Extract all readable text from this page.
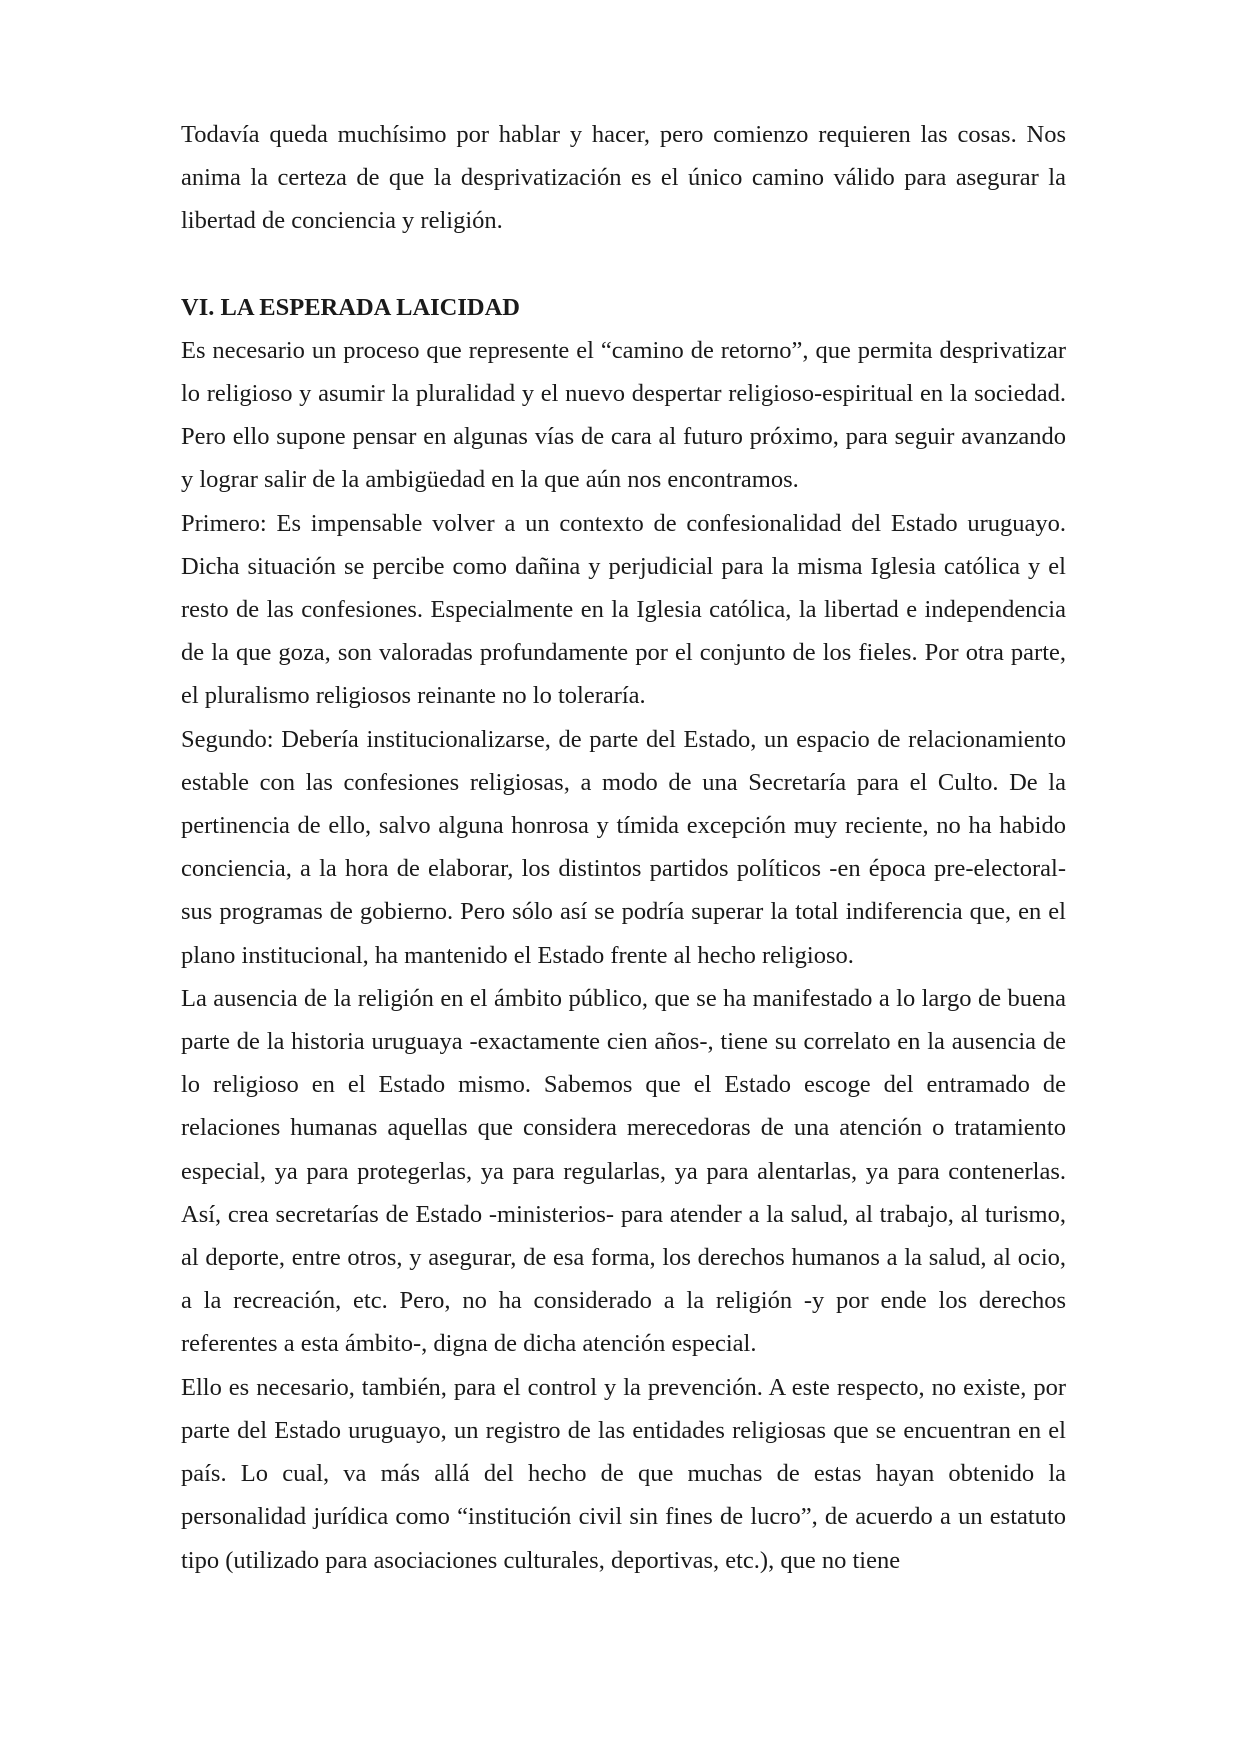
Todavía queda muchísimo por hablar y hacer, pero comienzo requieren las cosas. Nos anima la certeza de que la desprivatización es el único camino válido para asegurar la libertad de conciencia y religión.

VI. LA ESPERADA LAICIDAD

Es necesario un proceso que represente el “camino de retorno”, que permita desprivatizar lo religioso y asumir la pluralidad y el nuevo despertar religioso-espiritual en la sociedad. Pero ello supone pensar en algunas vías de cara al futuro próximo, para seguir avanzando y lograr salir de la ambigüedad en la que aún nos encontramos.

Primero: Es impensable volver a un contexto de confesionalidad del Estado uruguayo. Dicha situación se percibe como dañina y perjudicial para la misma Iglesia católica y el resto de las confesiones. Especialmente en la Iglesia católica, la libertad e independencia de la que goza, son valoradas profundamente por el conjunto de los fieles. Por otra parte, el pluralismo religiosos reinante no lo toleraría.

Segundo: Debería institucionalizarse, de parte del Estado, un espacio de relacionamiento estable con las confesiones religiosas, a modo de una Secretaría para el Culto. De la pertinencia de ello, salvo alguna honrosa y tímida excepción muy reciente, no ha habido conciencia, a la hora de elaborar, los distintos partidos políticos -en época pre-electoral- sus programas de gobierno. Pero sólo así se podría superar la total indiferencia que, en el plano institucional, ha mantenido el Estado frente al hecho religioso.

La ausencia de la religión en el ámbito público, que se ha manifestado a lo largo de buena parte de la historia uruguaya -exactamente cien años-, tiene su correlato en la ausencia de lo religioso en el Estado mismo. Sabemos que el Estado escoge del entramado de relaciones humanas aquellas que considera merecedoras de una atención o tratamiento especial, ya para protegerlas, ya para regularlas, ya para alentarlas, ya para contenerlas. Así, crea secretarías de Estado -ministerios- para atender a la salud, al trabajo, al turismo, al deporte, entre otros, y asegurar, de esa forma, los derechos humanos a la salud, al ocio, a la recreación, etc. Pero, no ha considerado a la religión -y por ende los derechos referentes a esta ámbito-, digna de dicha atención especial.

Ello es necesario, también, para el control y la prevención. A este respecto, no existe, por parte del Estado uruguayo, un registro de las entidades religiosas que se encuentran en el país. Lo cual, va más allá del hecho de que muchas de estas hayan obtenido la personalidad jurídica como “institución civil sin fines de lucro”, de acuerdo a un estatuto tipo (utilizado para asociaciones culturales, deportivas, etc.), que no tiene
